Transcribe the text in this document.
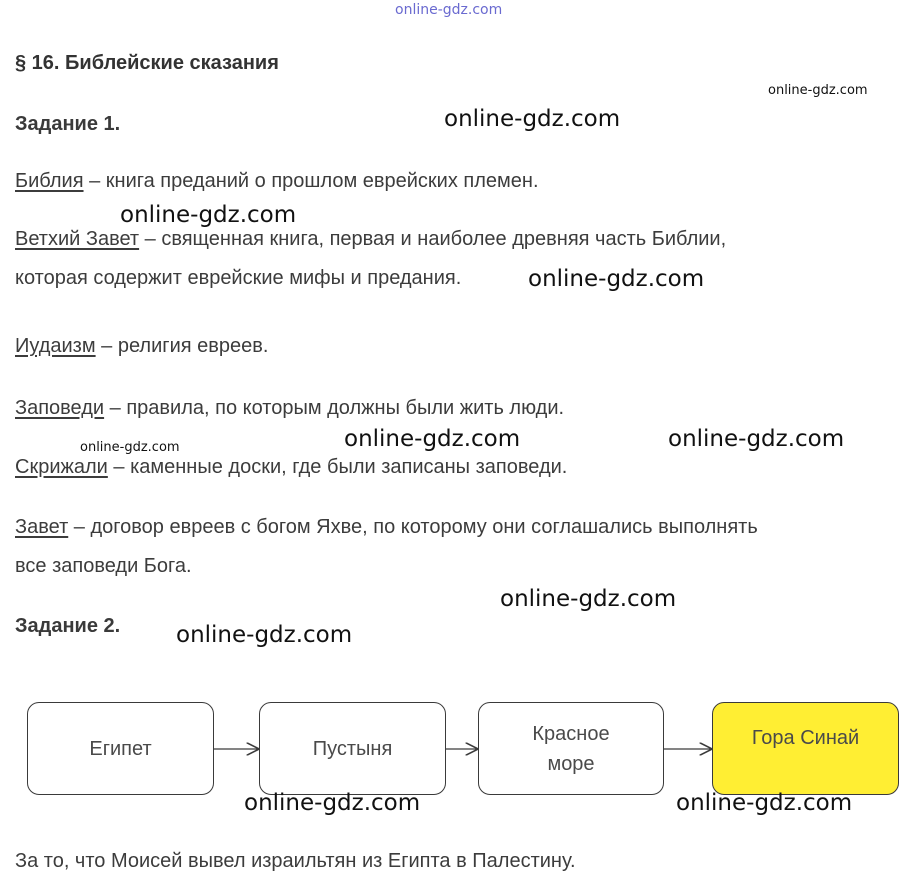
online-gdz.com
§ 16. Библейские сказания
online-gdz.com
Задание 1.	online-gdz.com
Библия – книга преданий о прошлом еврейских племен.
online-gdz.com
Ветхий Завет – священная книга, первая и наиболее древняя часть Библии,
которая содержит еврейские мифы и предания.	online-gdz.com
Иудаизм – религия евреев.
Заповеди – правила, по которым должны были жить люди.
online-gdz.com	online-gdz.com	online-gdz.com
Скрижали – каменные доски, где были записаны заповеди.
Завет – договор евреев с богом Яхве, по которому они соглашались выполнять
все заповеди Бога.
online-gdz.com
Задание 2. online-gdz.com
Египет	Пустыня
Красное
море
Гора Синай
online-gdz.com	online-gdz.com
За то, что Моисей вывел израильтян из Египта в Палестину.
